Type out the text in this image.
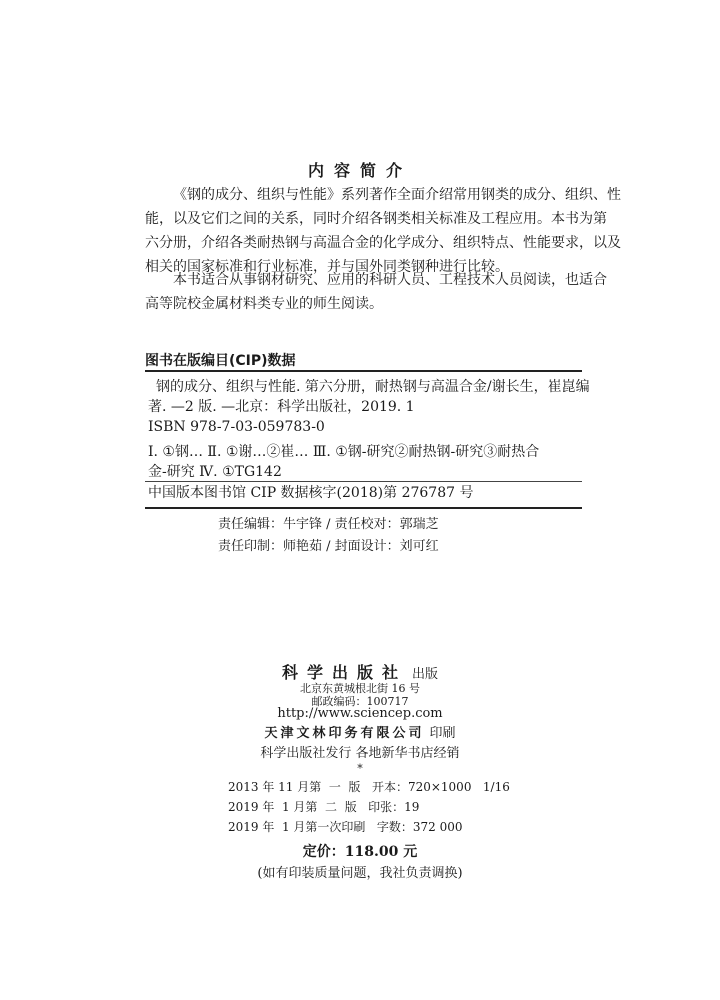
内容简介
《钢的成分、组织与性能》系列著作全面介绍常用钢类的成分、组织、性
能，以及它们之间的关系，同时介绍各钢类相关标准及工程应用。本书为第
六分册，介绍各类耐热钢与高温合金的化学成分、组织特点、性能要求，以及
相关的国家标准和行业标准，并与国外同类钢种进行比较。
本书适合从事钢材研究、应用的科研人员、工程技术人员阅读，也适合
高等院校金属材料类专业的师生阅读。
图书在版编目(CIP)数据
钢的成分、组织与性能. 第六分册，耐热钢与高温合金/谢长生，崔崑编
著. —2 版. —北京：科学出版社，2019. 1
ISBN 978-7-03-059783-0
Ⅰ. ①钢… Ⅱ. ①谢…②崔… Ⅲ. ①钢-研究②耐热钢-研究③耐热合
金-研究 Ⅳ. ①TG142
中国版本图书馆 CIP 数据核字(2018)第 276787 号
责任编辑：牛宇锋 / 责任校对：郭瑞芝
责任印制：师艳茹 / 封面设计：刘可红
科学出版社 出版
北京东黄城根北街 16 号
邮政编码：100717
http://www.sciencep.com
天津文林印务有限公司 印刷
科学出版社发行 各地新华书店经销
*
2013 年 11 月第  一  版   开本：720×1000   1/16
2019 年  1 月第  二  版   印张：19
2019 年  1 月第一次印刷   字数：372 000
定价：118.00 元
(如有印装质量问题，我社负责调换)
